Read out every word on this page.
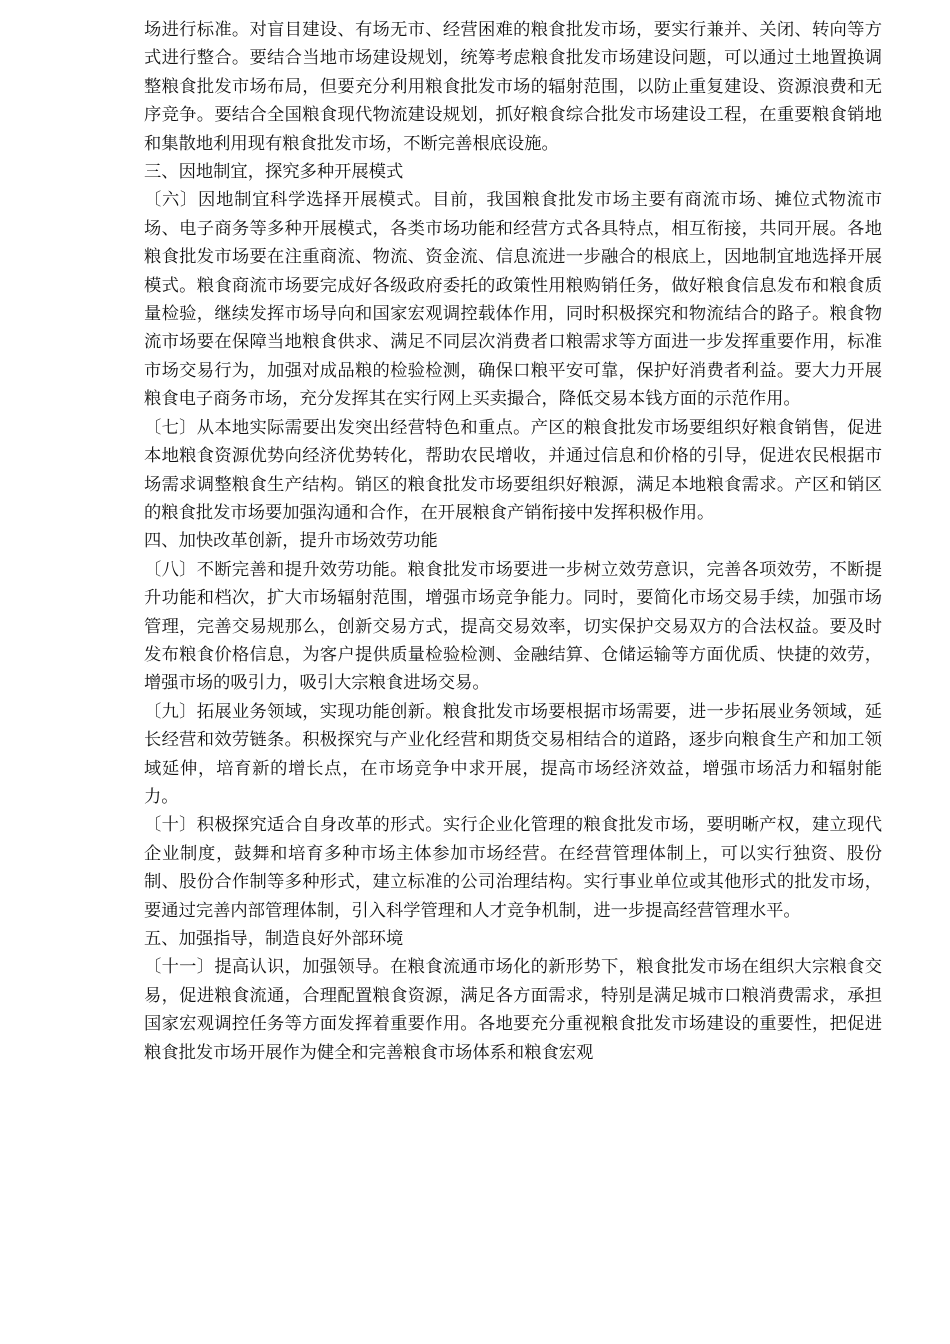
场进行标准。对盲目建设、有场无市、经营困难的粮食批发市场，要实行兼并、关闭、转向等方式进行整合。要结合当地市场建设规划，统筹考虑粮食批发市场建设问题，可以通过土地置换调整粮食批发市场布局，但要充分利用粮食批发市场的辐射范围，以防止重复建设、资源浪费和无序竞争。要结合全国粮食现代物流建设规划，抓好粮食综合批发市场建设工程，在重要粮食销地和集散地利用现有粮食批发市场，不断完善根底设施。

三、因地制宜，探究多种开展模式

〔六〕因地制宜科学选择开展模式。目前，我国粮食批发市场主要有商流市场、摊位式物流市场、电子商务等多种开展模式，各类市场功能和经营方式各具特点，相互衔接，共同开展。各地粮食批发市场要在注重商流、物流、资金流、信息流进一步融合的根底上，因地制宜地选择开展模式。粮食商流市场要完成好各级政府委托的政策性用粮购销任务，做好粮食信息发布和粮食质量检验，继续发挥市场导向和国家宏观调控载体作用，同时积极探究和物流结合的路子。粮食物流市场要在保障当地粮食供求、满足不同层次消费者口粮需求等方面进一步发挥重要作用，标准市场交易行为，加强对成品粮的检验检测，确保口粮平安可靠，保护好消费者利益。要大力开展粮食电子商务市场，充分发挥其在实行网上买卖撮合，降低交易本钱方面的示范作用。

〔七〕从本地实际需要出发突出经营特色和重点。产区的粮食批发市场要组织好粮食销售，促进本地粮食资源优势向经济优势转化，帮助农民增收，并通过信息和价格的引导，促进农民根据市场需求调整粮食生产结构。销区的粮食批发市场要组织好粮源，满足本地粮食需求。产区和销区的粮食批发市场要加强沟通和合作，在开展粮食产销衔接中发挥积极作用。

四、加快改革创新，提升市场效劳功能

〔八〕不断完善和提升效劳功能。粮食批发市场要进一步树立效劳意识，完善各项效劳，不断提升功能和档次，扩大市场辐射范围，增强市场竞争能力。同时，要简化市场交易手续，加强市场管理，完善交易规那么，创新交易方式，提高交易效率，切实保护交易双方的合法权益。要及时发布粮食价格信息，为客户提供质量检验检测、金融结算、仓储运输等方面优质、快捷的效劳，增强市场的吸引力，吸引大宗粮食进场交易。

〔九〕拓展业务领域，实现功能创新。粮食批发市场要根据市场需要，进一步拓展业务领域，延长经营和效劳链条。积极探究与产业化经营和期货交易相结合的道路，逐步向粮食生产和加工领域延伸，培育新的增长点，在市场竞争中求开展，提高市场经济效益，增强市场活力和辐射能力。

〔十〕积极探究适合自身改革的形式。实行企业化管理的粮食批发市场，要明晰产权，建立现代企业制度，鼓舞和培育多种市场主体参加市场经营。在经营管理体制上，可以实行独资、股份制、股份合作制等多种形式，建立标准的公司治理结构。实行事业单位或其他形式的批发市场，要通过完善内部管理体制，引入科学管理和人才竞争机制，进一步提高经营管理水平。

五、加强指导，制造良好外部环境

〔十一〕提高认识，加强领导。在粮食流通市场化的新形势下，粮食批发市场在组织大宗粮食交易，促进粮食流通，合理配置粮食资源，满足各方面需求，特别是满足城市口粮消费需求，承担国家宏观调控任务等方面发挥着重要作用。各地要充分重视粮食批发市场建设的重要性，把促进粮食批发市场开展作为健全和完善粮食市场体系和粮食宏观
